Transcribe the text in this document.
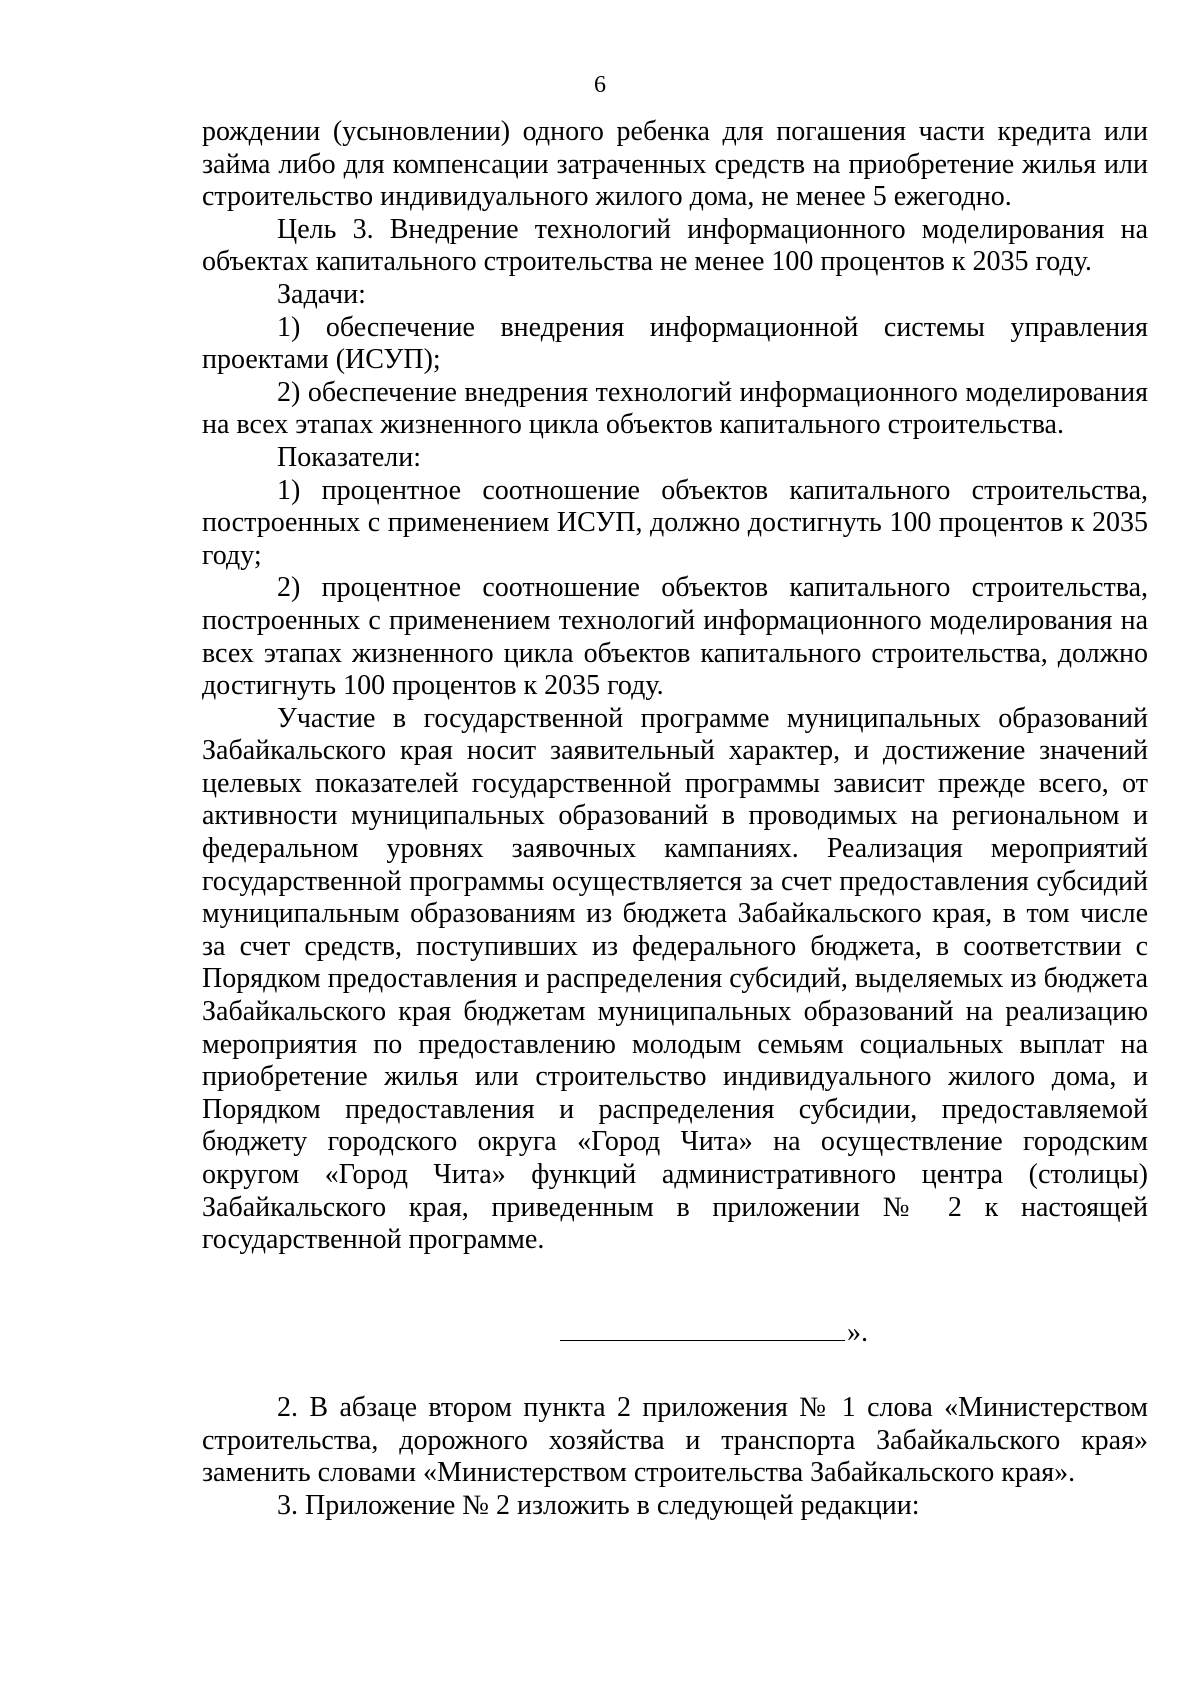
6

рождении (усыновлении) одного ребенка для погашения части кредита или займа либо для компенсации затраченных средств на приобретение жилья или строительство индивидуального жилого дома, не менее 5 ежегодно.

Цель 3. Внедрение технологий информационного моделирования на объектах капитального строительства не менее 100 процентов к 2035 году.

Задачи:

1) обеспечение внедрения информационной системы управления проектами (ИСУП);

2) обеспечение внедрения технологий информационного моделирования на всех этапах жизненного цикла объектов капитального строительства.

Показатели:

1) процентное соотношение объектов капитального строительства, построенных с применением ИСУП, должно достигнуть 100 процентов к 2035 году;

2) процентное соотношение объектов капитального строительства, построенных с применением технологий информационного моделирования на всех этапах жизненного цикла объектов капитального строительства, должно достигнуть 100 процентов к 2035 году.

Участие в государственной программе муниципальных образований Забайкальского края носит заявительный характер, и достижение значений целевых показателей государственной программы зависит прежде всего, от активности муниципальных образований в проводимых на региональном и федеральном уровнях заявочных кампаниях. Реализация мероприятий государственной программы осуществляется за счет предоставления субсидий муниципальным образованиям из бюджета Забайкальского края, в том числе за счет средств, поступивших из федерального бюджета, в соответствии с Порядком предоставления и распределения субсидий, выделяемых из бюджета Забайкальского края бюджетам муниципальных образований на реализацию мероприятия по предоставлению молодым семьям социальных выплат на приобретение жилья или строительство индивидуального жилого дома, и Порядком предоставления и распределения субсидии, предоставляемой бюджету городского округа «Город Чита» на осуществление городским округом «Город Чита» функций административного центра (столицы) Забайкальского края, приведенным в приложении № 2 к настоящей государственной программе.

».

2. В абзаце втором пункта 2 приложения № 1 слова «Министерством строительства, дорожного хозяйства и транспорта Забайкальского края» заменить словами «Министерством строительства Забайкальского края».

3. Приложение № 2 изложить в следующей редакции:
